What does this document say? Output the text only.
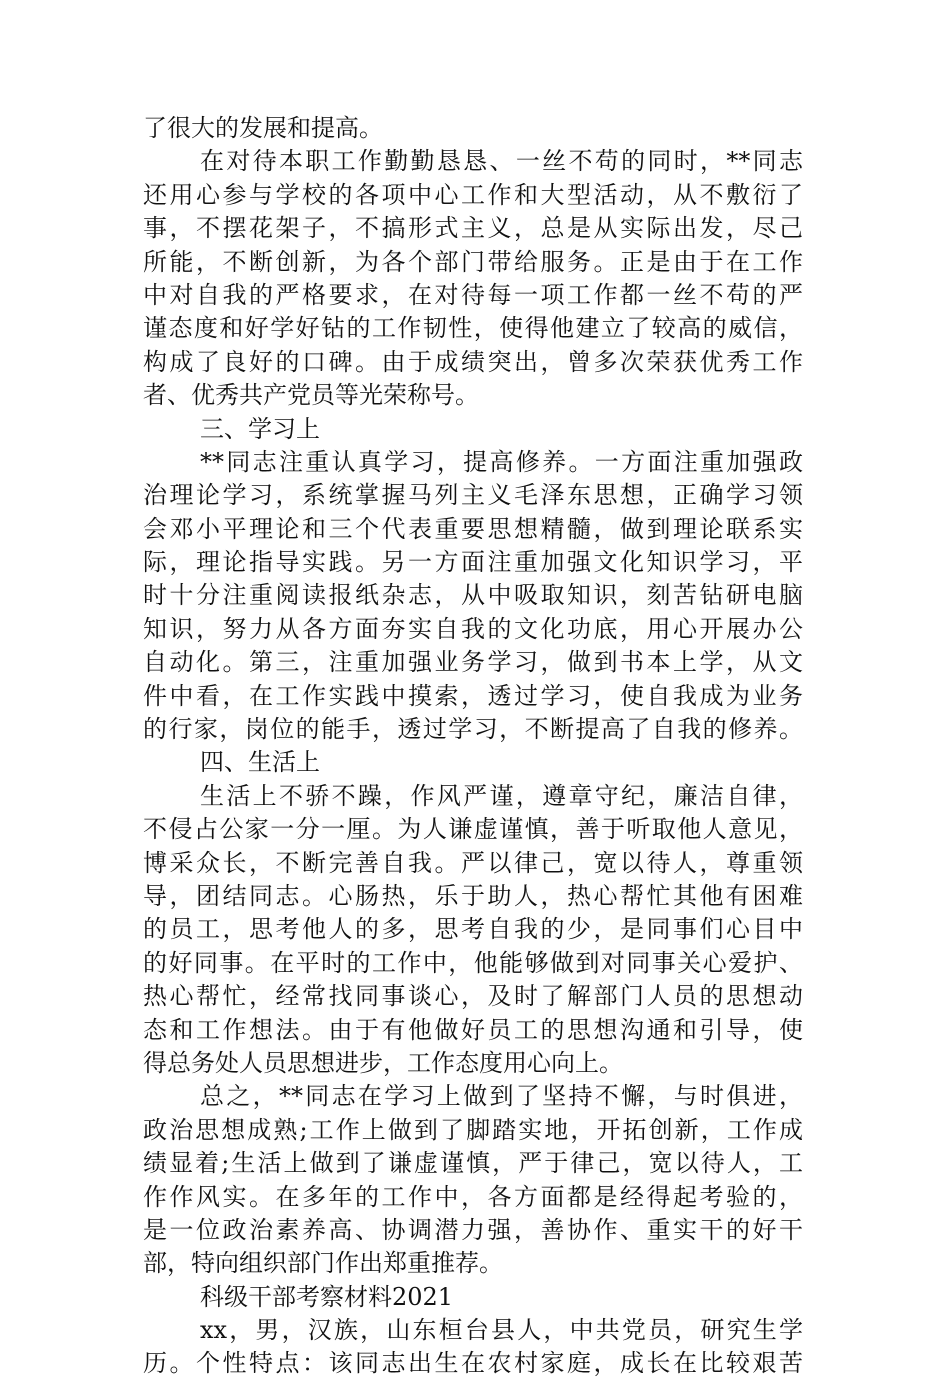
了很大的发展和提高。
在对待本职工作勤勤恳恳、一丝不苟的同时，**同志
还用心参与学校的各项中心工作和大型活动，从不敷衍了
事，不摆花架子，不搞形式主义，总是从实际出发，尽己
所能，不断创新，为各个部门带给服务。正是由于在工作
中对自我的严格要求，在对待每一项工作都一丝不苟的严
谨态度和好学好钻的工作韧性，使得他建立了较高的威信，
构成了良好的口碑。由于成绩突出，曾多次荣获优秀工作
者、优秀共产党员等光荣称号。
三、学习上
**同志注重认真学习，提高修养。一方面注重加强政
治理论学习，系统掌握马列主义毛泽东思想，正确学习领
会邓小平理论和三个代表重要思想精髓，做到理论联系实
际，理论指导实践。另一方面注重加强文化知识学习，平
时十分注重阅读报纸杂志，从中吸取知识，刻苦钻研电脑
知识，努力从各方面夯实自我的文化功底，用心开展办公
自动化。第三，注重加强业务学习，做到书本上学，从文
件中看，在工作实践中摸索，透过学习，使自我成为业务
的行家，岗位的能手，透过学习，不断提高了自我的修养。
四、生活上
生活上不骄不躁，作风严谨，遵章守纪，廉洁自律，
不侵占公家一分一厘。为人谦虚谨慎，善于听取他人意见，
博采众长，不断完善自我。严以律己，宽以待人，尊重领
导，团结同志。心肠热，乐于助人，热心帮忙其他有困难
的员工，思考他人的多，思考自我的少，是同事们心目中
的好同事。在平时的工作中，他能够做到对同事关心爱护、
热心帮忙，经常找同事谈心，及时了解部门人员的思想动
态和工作想法。由于有他做好员工的思想沟通和引导，使
得总务处人员思想进步，工作态度用心向上。
总之，**同志在学习上做到了坚持不懈，与时俱进，
政治思想成熟;工作上做到了脚踏实地，开拓创新，工作成
绩显着;生活上做到了谦虚谨慎，严于律己，宽以待人，工
作作风实。在多年的工作中，各方面都是经得起考验的，
是一位政治素养高、协调潜力强，善协作、重实干的好干
部，特向组织部门作出郑重推荐。
科级干部考察材料2021
xx，男，汉族，山东桓台县人，中共党员，研究生学
历。个性特点：该同志出生在农村家庭，成长在比较艰苦
